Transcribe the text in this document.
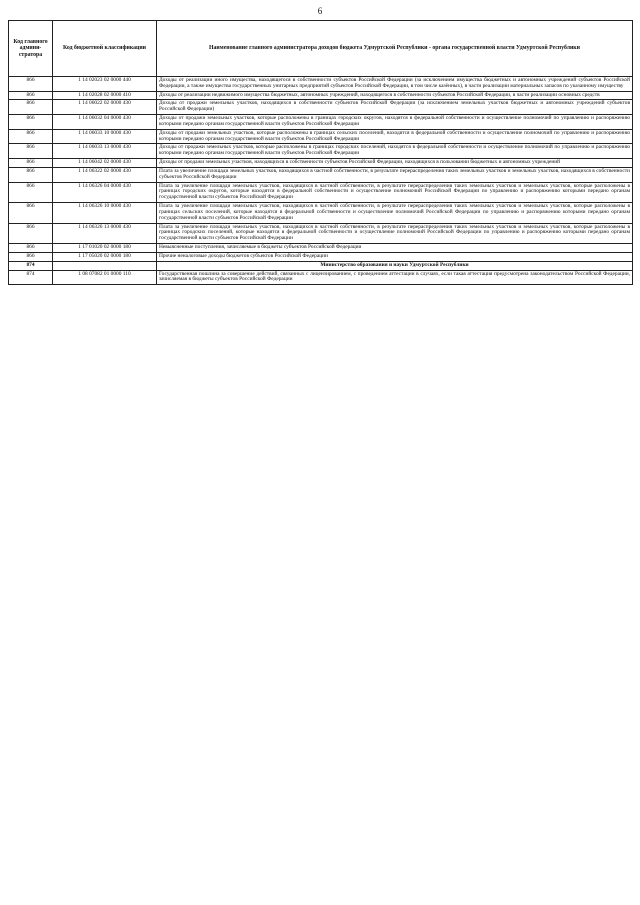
6
Код главного админи-стратора	Код бюджетной классификации	Наименование главного администратора доходов бюджета Удмуртской Республики - органа государственной власти Удмуртской Республики
866	1 14 02023 02 0000 440	Доходы от реализации иного имущества, находящегося в собственности субъектов Российской Федерации (за исключением имущества бюджетных и автономных учреждений субъектов Российской Федерации, а также имущества государственных унитарных предприятий субъектов Российской Федерации, в том числе казённых), в части реализации материальных запасов по указанному имуществу
866	1 14 02028 02 0000 410	Доходы от реализации недвижимого имущества бюджетных, автономных учреждений, находящегося в собственности субъектов Российской Федерации, в части реализации основных средств
866	1 14 06022 02 0000 430	Доходы от продажи земельных участков, находящихся в собственности субъектов Российской Федерации (за исключением земельных участков бюджетных и автономных учреждений субъектов Российской Федерации)
866	1 14 06032 04 0000 430	Доходы от продажи земельных участков, которые расположены в границах городских округов, находятся в федеральной собственности и осуществление полномочий по управлению и распоряжению которыми передано органам государственной власти субъектов Российской Федерации
866	1 14 06033 10 0000 430	Доходы от продажи земельных участков, которые расположены в границах сельских поселений, находятся в федеральной собственности и осуществление полномочий по управлению и распоряжению которыми передано органам государственной власти субъектов Российской Федерации
866	1 14 06033 13 0000 430	Доходы от продажи земельных участков, которые расположены в границах городских поселений, находятся в федеральной собственности и осуществление полномочий по управлению и распоряжению которыми передано органам государственной власти субъектов Российской Федерации
866	1 14 06042 02 0000 430	Доходы от продажи земельных участков, находящихся в собственности субъектов Российской Федерации, находящихся в пользовании бюджетных и автономных учреждений
866	1 14 06322 02 0000 430	Плата за увеличение площади земельных участков, находящихся в частной собственности, в результате перераспределения таких земельных участков и земельных участков, находящихся в собственности субъектов Российской Федерации
866	1 14 06326 04 0000 430	Плата за увеличение площади земельных участков, находящихся в частной собственности, в результате перераспределения таких земельных участков и земельных участков, которые расположены в границах городских округов, которые находятся в федеральной собственности и осуществление полномочий Российской Федерации по управлению и распоряжению которыми передано органам государственной власти субъектов Российской Федерации
866	1 14 06326 10 0000 430	Плата за увеличение площади земельных участков, находящихся в частной собственности, в результате перераспределения таких земельных участков и земельных участков, которые расположены в границах сельских поселений, которые находятся в федеральной собственности и осуществление полномочий Российской Федерации по управлению и распоряжению которыми передано органам государственной власти субъектов Российской Федерации
866	1 14 06326 13 0000 430	Плата за увеличение площади земельных участков, находящихся в частной собственности, в результате перераспределения таких земельных участков и земельных участков, которые расположены в границах городских поселений, которые находятся в федеральной собственности и осуществление полномочий Российской Федерации по управлению и распоряжению которыми передано органам государственной власти субъектов Российской Федерации
866	1 17 01020 02 0000 180	Невыясненные поступления, зачисляемые в бюджеты субъектов Российской Федерации
866	1 17 05020 02 0000 180	Прочие неналоговые доходы бюджетов субъектов Российской Федерации
874		Министерство образования и науки Удмуртской Республики
874	1 08 07082 01 0000 110	Государственная пошлина за совершение действий, связанных с лицензированием, с проведением аттестации в случаях, если такая аттестация предусмотрена законодательством Российской Федерации, зачисляемая в бюджеты субъектов Российской Федерации
